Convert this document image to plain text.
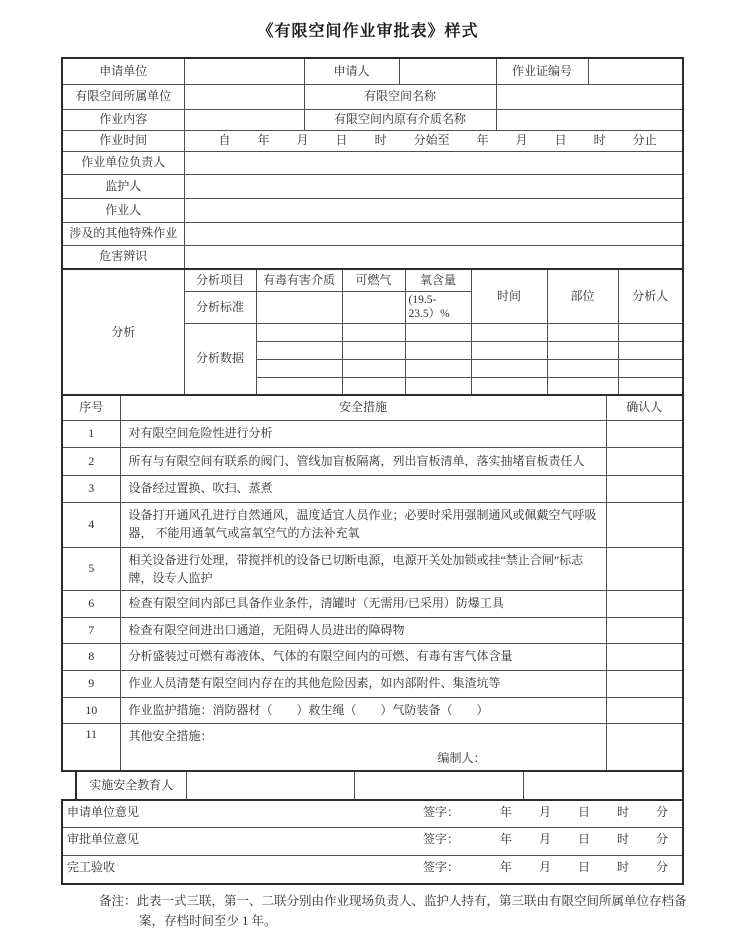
《有限空间作业审批表》样式
申请单位		申请人		作业证编号	
有限空间所属单位		有限空间名称			
作业内容		有限空间内原有介质名称			
作业时间	自 年 月 日 时 分始至 年 月 日 时 分止

作业单位负责人					
监护人					
作业人					
涉及的其他特殊作业					
危害辨识					
分析	分析项目	有毒有害介质	可燃气	氧含量	时间	部位	分析人
	分析标准			(19.5-23.5）%			
	分析数据						

序号	安全措施	确认人
1	对有限空间危险性进行分析	
2	所有与有限空间有联系的阀门、管线加盲板隔离，列出盲板清单，落实抽堵盲板责任人	
3	设备经过置换、吹扫、蒸煮	
4	设备打开通风孔进行自然通风，温度适宜人员作业；必要时采用强制通风或佩戴空气呼吸器， 不能用通氧气或富氧空气的方法补充氧	
5	相关设备进行处理，带搅拌机的设备已切断电源，电源开关处加锁或挂“禁止合闸”标志牌，设专人监护	
6	检查有限空间内部已具备作业条件，清罐时（无需用/已采用）防爆工具	
7	检查有限空间进出口通道，无阻碍人员进出的障碍物	
8	分析盛装过可燃有毒液体、气体的有限空间内的可燃、有毒有害气体含量	
9	作业人员清楚有限空间内存在的其他危险因素，如内部附件、集渣坑等	
10	作业监护措施：消防器材（　　）救生绳（　　）气防装备（　　）	
11	其他安全措施：
编制人：	

实施安全教育人			
申请单位意见	签字：	年 月 日 时 分

审批单位意见	签字：	年 月 日 时 分

完工验收	签字：	年 月 日 时 分
备注：此表一式三联，第一、二联分别由作业现场负责人、监护人持有，第三联由有限空间所属单位存档备案，存档时间至少 1 年。
